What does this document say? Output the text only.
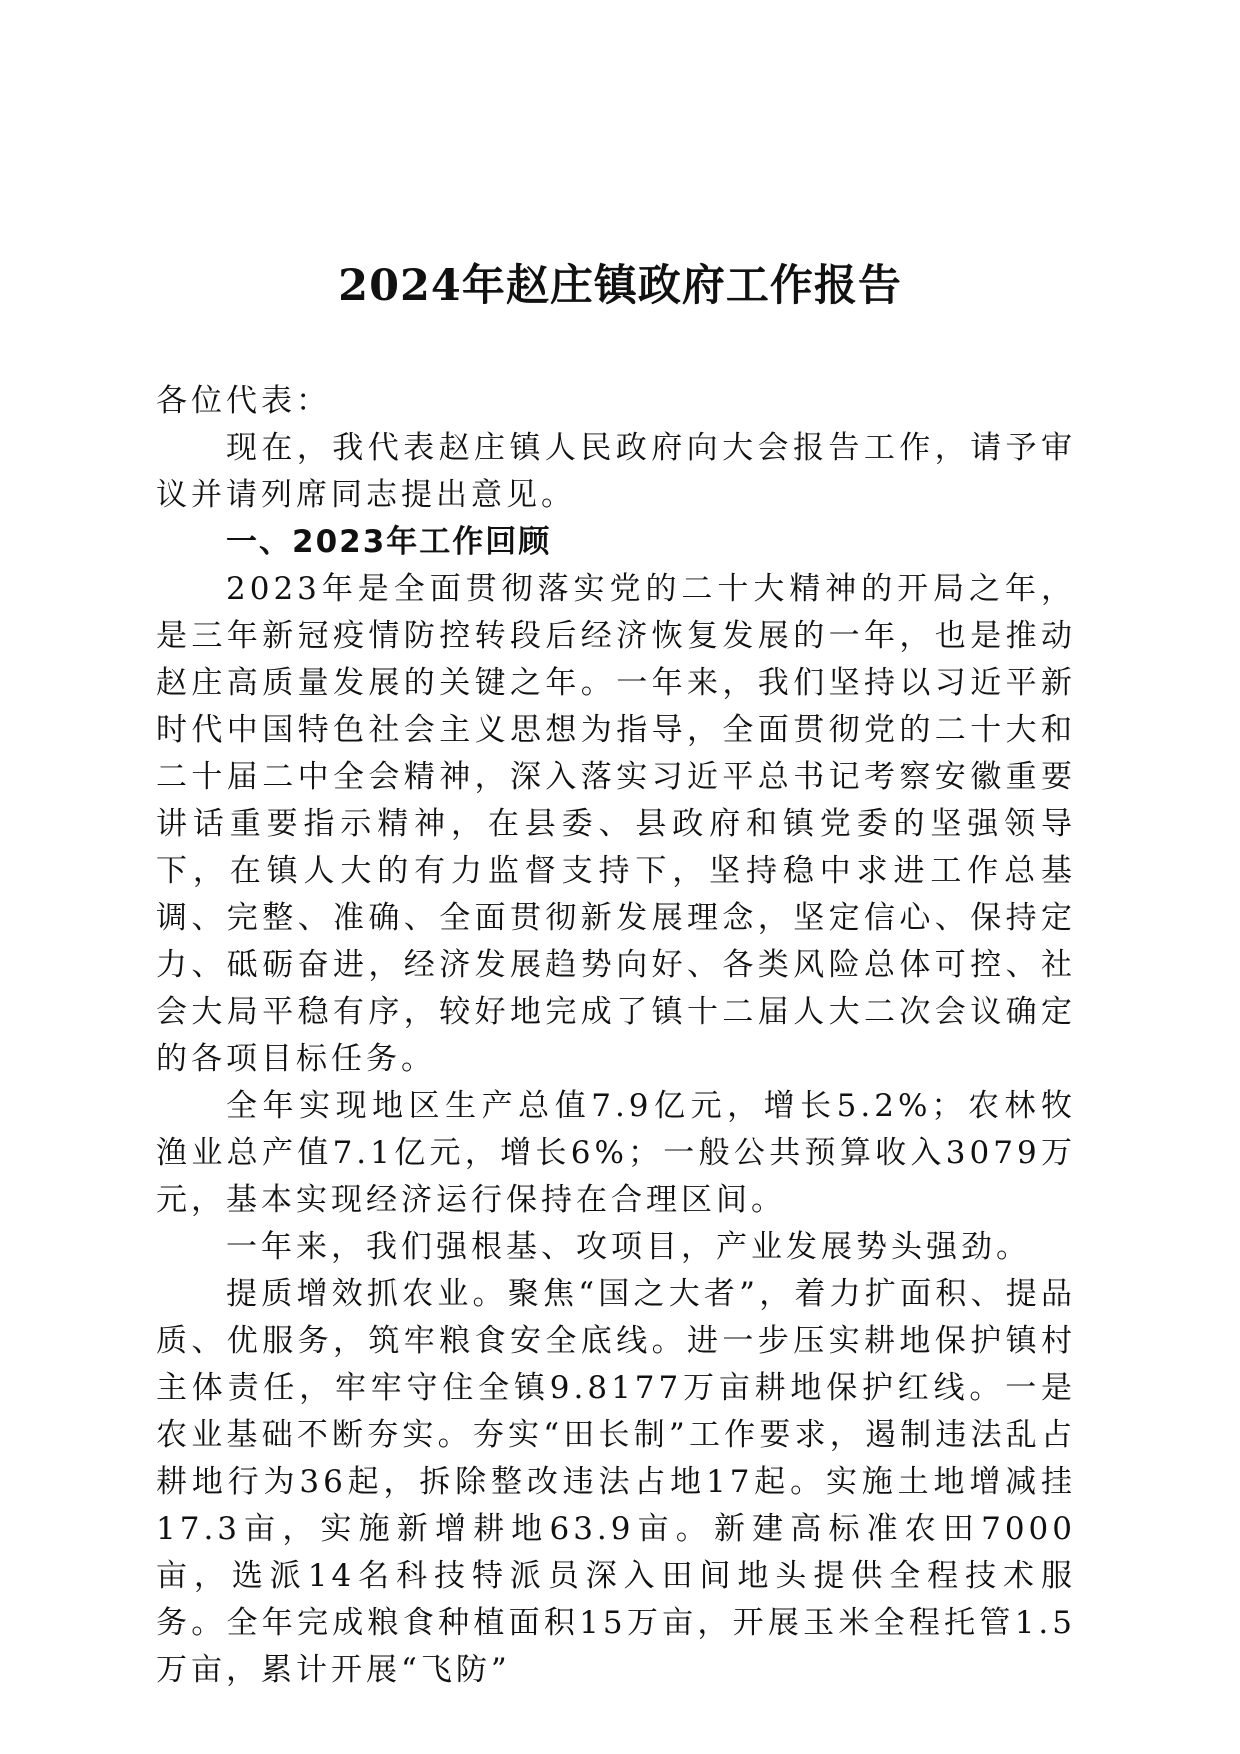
2024年赵庄镇政府工作报告

各位代表：

现在，我代表赵庄镇人民政府向大会报告工作，请予审议并请列席同志提出意见。

一、2023年工作回顾

2023年是全面贯彻落实党的二十大精神的开局之年，是三年新冠疫情防控转段后经济恢复发展的一年，也是推动赵庄高质量发展的关键之年。一年来，我们坚持以习近平新时代中国特色社会主义思想为指导，全面贯彻党的二十大和二十届二中全会精神，深入落实习近平总书记考察安徽重要讲话重要指示精神，在县委、县政府和镇党委的坚强领导下，在镇人大的有力监督支持下，坚持稳中求进工作总基调、完整、准确、全面贯彻新发展理念，坚定信心、保持定力、砥砺奋进，经济发展趋势向好、各类风险总体可控、社会大局平稳有序，较好地完成了镇十二届人大二次会议确定的各项目标任务。

全年实现地区生产总值7.9亿元，增长5.2%；农林牧渔业总产值7.1亿元，增长6%；一般公共预算收入3079万元，基本实现经济运行保持在合理区间。

一年来，我们强根基、攻项目，产业发展势头强劲。

提质增效抓农业。聚焦“国之大者”，着力扩面积、提品质、优服务，筑牢粮食安全底线。进一步压实耕地保护镇村主体责任，牢牢守住全镇9.8177万亩耕地保护红线。一是农业基础不断夯实。夯实“田长制”工作要求，遏制违法乱占耕地行为36起，拆除整改违法占地17起。实施土地增减挂17.3亩，实施新增耕地63.9亩。新建高标准农田7000亩，选派14名科技特派员深入田间地头提供全程技术服务。全年完成粮食种植面积15万亩，开展玉米全程托管1.5万亩，累计开展“飞防”
